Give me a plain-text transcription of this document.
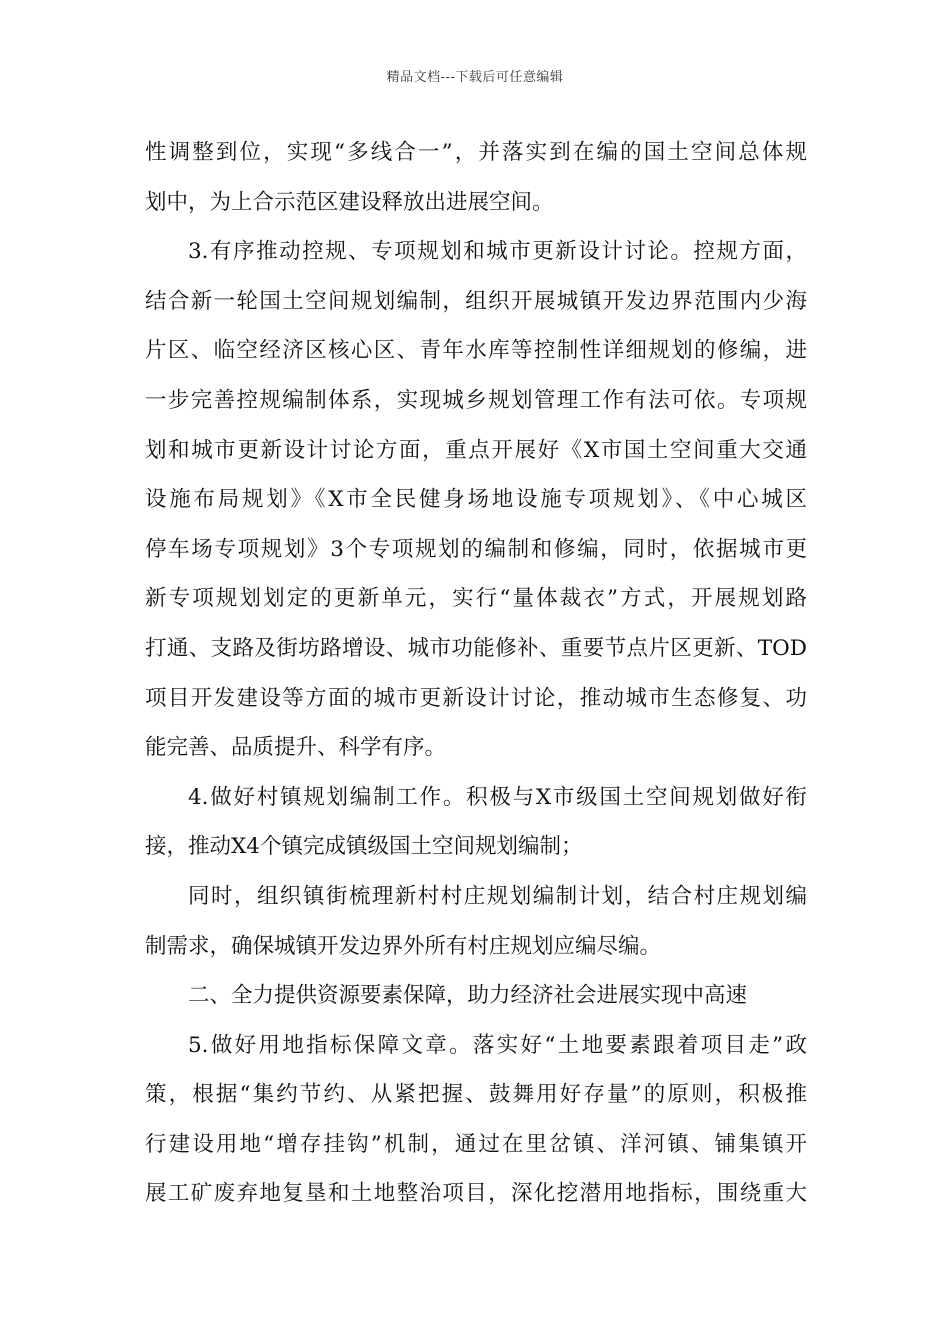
精品文档---下载后可任意编辑
性调整到位，实现“多线合一”，并落实到在编的国土空间总体规
划中，为上合示范区建设释放出进展空间。
3.有序推动控规、专项规划和城市更新设计讨论。控规方面，
结合新一轮国土空间规划编制，组织开展城镇开发边界范围内少海
片区、临空经济区核心区、青年水库等控制性详细规划的修编，进
一步完善控规编制体系，实现城乡规划管理工作有法可依。专项规
划和城市更新设计讨论方面，重点开展好《X市国土空间重大交通
设施布局规划》《X市全民健身场地设施专项规划》、《中心城区
停车场专项规划》3个专项规划的编制和修编，同时，依据城市更
新专项规划划定的更新单元，实行“量体裁衣”方式，开展规划路
打通、支路及街坊路增设、城市功能修补、重要节点片区更新、TOD
项目开发建设等方面的城市更新设计讨论，推动城市生态修复、功
能完善、品质提升、科学有序。
4.做好村镇规划编制工作。积极与X市级国土空间规划做好衔
接，推动X4个镇完成镇级国土空间规划编制；
同时，组织镇街梳理新村村庄规划编制计划，结合村庄规划编
制需求，确保城镇开发边界外所有村庄规划应编尽编。
二、全力提供资源要素保障，助力经济社会进展实现中高速
5.做好用地指标保障文章。落实好“土地要素跟着项目走”政
策，根据“集约节约、从紧把握、鼓舞用好存量”的原则，积极推
行建设用地“增存挂钩”机制，通过在里岔镇、洋河镇、铺集镇开
展工矿废弃地复垦和土地整治项目，深化挖潜用地指标，围绕重大
